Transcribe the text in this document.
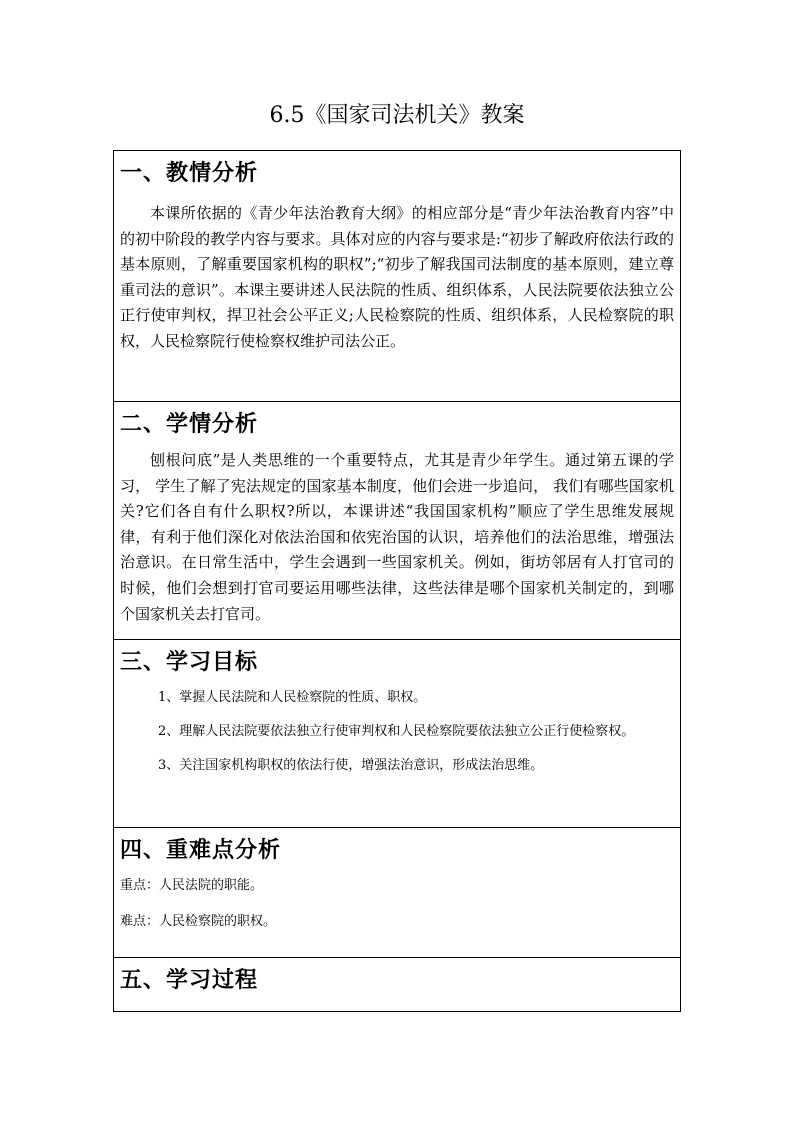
6.5《国家司法机关》教案
一、教情分析
本课所依据的《青少年法治教育大纲》的相应部分是“青少年法治教育内容”中的初中阶段的教学内容与要求。具体对应的内容与要求是:“初步了解政府依法行政的基本原则，了解重要国家机构的职权”;“初步了解我国司法制度的基本原则，建立尊重司法的意识”。本课主要讲述人民法院的性质、组织体系，人民法院要依法独立公正行使审判权，捍卫社会公平正义;人民检察院的性质、组织体系，人民检察院的职权，人民检察院行使检察权维护司法公正。
二、学情分析
刨根问底”是人类思维的一个重要特点，尤其是青少年学生。通过第五课的学习， 学生了解了宪法规定的国家基本制度，他们会进一步追问， 我们有哪些国家机关?它们各自有什么职权?所以，本课讲述“我国国家机构”顺应了学生思维发展规律，有利于他们深化对依法治国和依宪治国的认识，培养他们的法治思维，增强法治意识。在日常生活中，学生会遇到一些国家机关。例如，街坊邻居有人打官司的时候，他们会想到打官司要运用哪些法律，这些法律是哪个国家机关制定的，到哪个国家机关去打官司。
三、学习目标
1、掌握人民法院和人民检察院的性质、职权。
2、理解人民法院要依法独立行使审判权和人民检察院要依法独立公正行使检察权。
3、关注国家机构职权的依法行使，增强法治意识，形成法治思维。
四、重难点分析
重点：人民法院的职能。
难点：人民检察院的职权。
五、学习过程
